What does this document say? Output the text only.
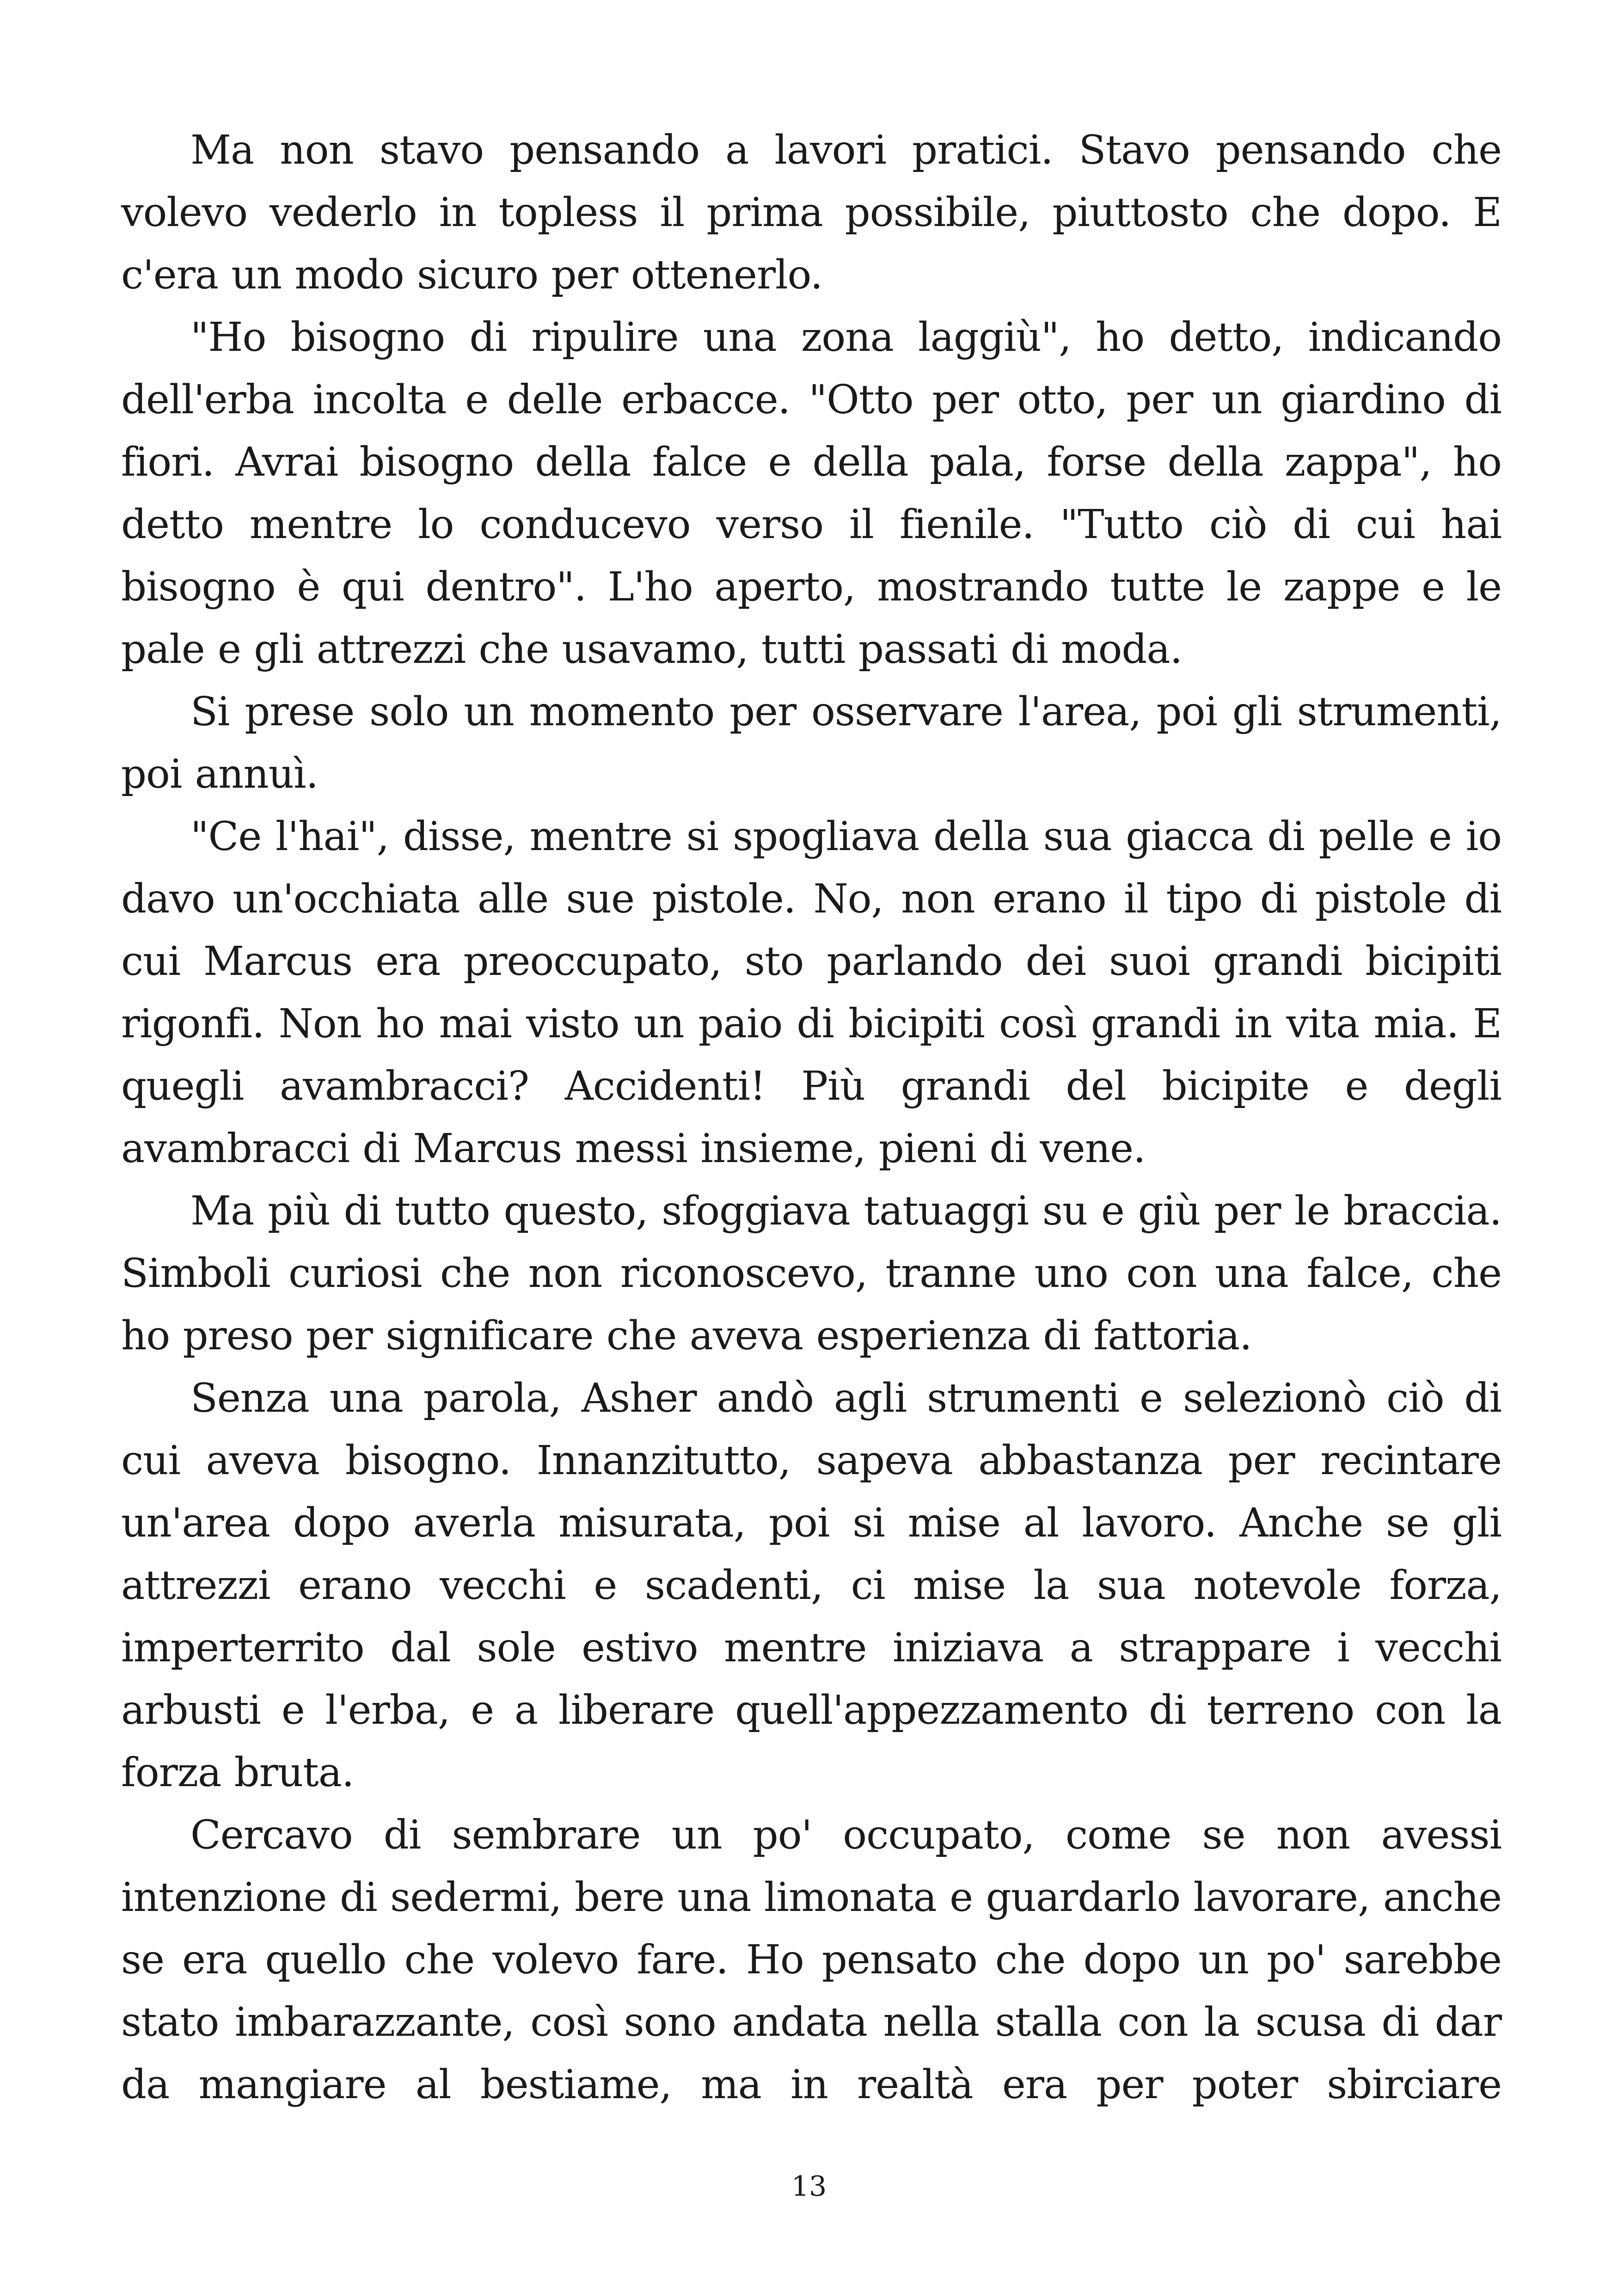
Ma non stavo pensando a lavori pratici. Stavo pensando che volevo vederlo in topless il prima possibile, piuttosto che dopo. E c'era un modo sicuro per ottenerlo.

"Ho bisogno di ripulire una zona laggiù", ho detto, indicando dell'erba incolta e delle erbacce. "Otto per otto, per un giardino di fiori. Avrai bisogno della falce e della pala, forse della zappa", ho detto mentre lo conducevo verso il fienile. "Tutto ciò di cui hai bisogno è qui dentro". L'ho aperto, mostrando tutte le zappe e le pale e gli attrezzi che usavamo, tutti passati di moda.

Si prese solo un momento per osservare l'area, poi gli strumenti, poi annuì.

"Ce l'hai", disse, mentre si spogliava della sua giacca di pelle e io davo un'occhiata alle sue pistole. No, non erano il tipo di pistole di cui Marcus era preoccupato, sto parlando dei suoi grandi bicipiti rigonfi. Non ho mai visto un paio di bicipiti così grandi in vita mia. E quegli avambracci? Accidenti! Più grandi del bicipite e degli avambracci di Marcus messi insieme, pieni di vene.

Ma più di tutto questo, sfoggiava tatuaggi su e giù per le braccia. Simboli curiosi che non riconoscevo, tranne uno con una falce, che ho preso per significare che aveva esperienza di fattoria.

Senza una parola, Asher andò agli strumenti e selezionò ciò di cui aveva bisogno. Innanzitutto, sapeva abbastanza per recintare un'area dopo averla misurata, poi si mise al lavoro. Anche se gli attrezzi erano vecchi e scadenti, ci mise la sua notevole forza, imperterrito dal sole estivo mentre iniziava a strappare i vecchi arbusti e l'erba, e a liberare quell'appezzamento di terreno con la forza bruta.

Cercavo di sembrare un po' occupato, come se non avessi intenzione di sedermi, bere una limonata e guardarlo lavorare, anche se era quello che volevo fare. Ho pensato che dopo un po' sarebbe stato imbarazzante, così sono andata nella stalla con la scusa di dar da mangiare al bestiame, ma in realtà era per poter sbirciare

13
